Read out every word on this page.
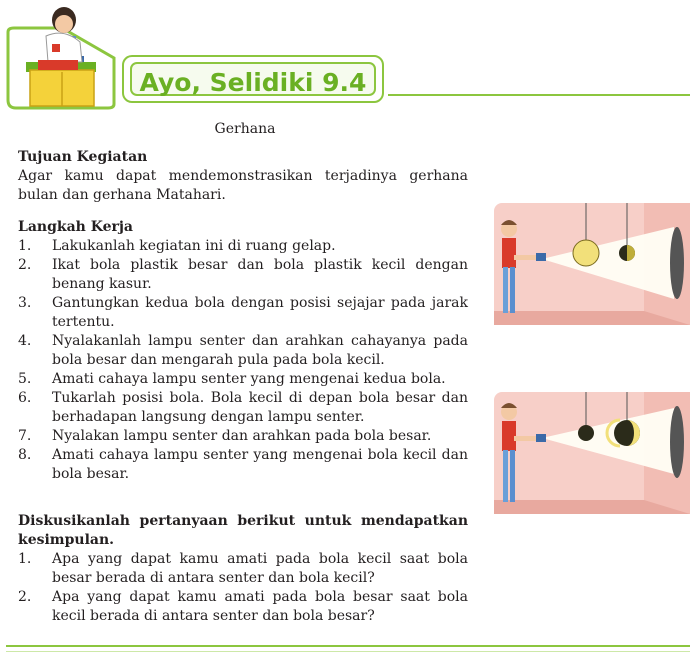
Ayo, Selidiki 9.4
Gerhana
Tujuan Kegiatan
Agar kamu dapat mendemonstrasikan terjadinya gerhana bulan dan gerhana Matahari.
Langkah Kerja
1. Lakukanlah kegiatan ini di ruang gelap.
2. Ikat bola plastik besar dan bola plastik kecil dengan benang kasur.
3. Gantungkan kedua bola dengan posisi sejajar pada jarak tertentu.
4. Nyalakanlah lampu senter dan arahkan cahayanya pada bola besar dan mengarah pula pada bola kecil.
5. Amati cahaya lampu senter yang mengenai kedua bola.
6. Tukarlah posisi bola. Bola kecil di depan bola besar dan berhadapan langsung dengan lampu senter.
7. Nyalakan lampu senter dan arahkan pada bola besar.
8. Amati cahaya lampu senter yang mengenai bola kecil dan bola besar.
Diskusikanlah pertanyaan berikut untuk mendapatkan kesimpulan.
1. Apa yang dapat kamu amati pada bola kecil saat bola besar berada di antara senter dan bola kecil?
2. Apa yang dapat kamu amati pada bola besar saat bola kecil berada di antara senter dan bola besar?
